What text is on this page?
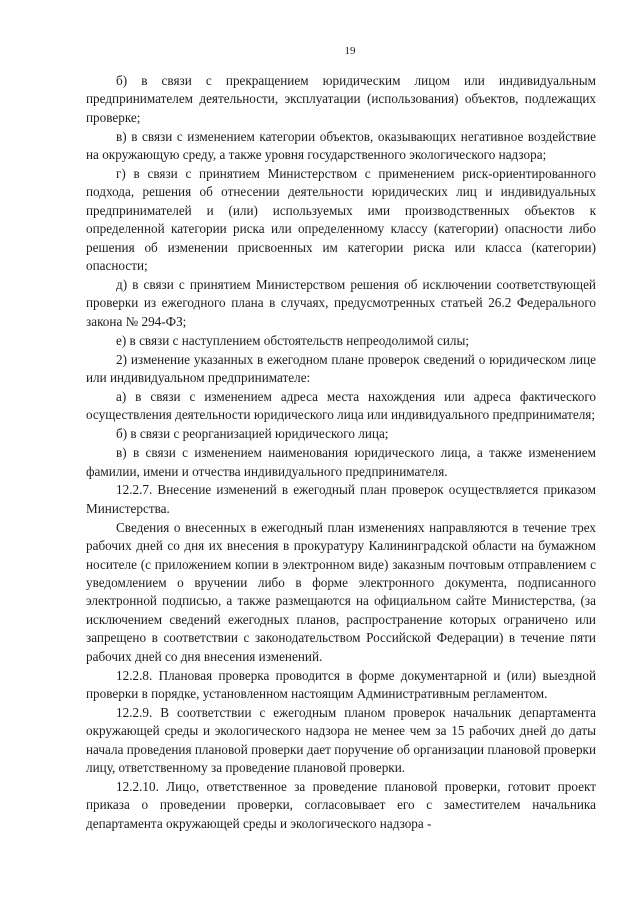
19

б) в связи с прекращением юридическим лицом или индивидуальным предпринимателем деятельности, эксплуатации (использования) объектов, подлежащих проверке;

в) в связи с изменением категории объектов, оказывающих негативное воздействие на окружающую среду, а также уровня государственного экологического надзора;

г) в связи с принятием Министерством с применением риск-ориентированного подхода, решения об отнесении деятельности юридических лиц и индивидуальных предпринимателей и (или) используемых ими производственных объектов к определенной категории риска или определенному классу (категории) опасности либо решения об изменении присвоенных им категории риска или класса (категории) опасности;

д) в связи с принятием Министерством решения об исключении соответствующей проверки из ежегодного плана в случаях, предусмотренных статьей 26.2 Федерального закона № 294-ФЗ;

е) в связи с наступлением обстоятельств непреодолимой силы;

2) изменение указанных в ежегодном плане проверок сведений о юридическом лице или индивидуальном предпринимателе:

а) в связи с изменением адреса места нахождения или адреса фактического осуществления деятельности юридического лица или индивидуального предпринимателя;

б) в связи с реорганизацией юридического лица;

в) в связи с изменением наименования юридического лица, а также изменением фамилии, имени и отчества индивидуального предпринимателя.

12.2.7. Внесение изменений в ежегодный план проверок осуществляется приказом Министерства.

Сведения о внесенных в ежегодный план изменениях направляются в течение трех рабочих дней со дня их внесения в прокуратуру Калининградской области на бумажном носителе (с приложением копии в электронном виде) заказным почтовым отправлением с уведомлением о вручении либо в форме электронного документа, подписанного электронной подписью, а также размещаются на официальном сайте Министерства, (за исключением сведений ежегодных планов, распространение которых ограничено или запрещено в соответствии с законодательством Российской Федерации) в течение пяти рабочих дней со дня внесения изменений.

12.2.8. Плановая проверка проводится в форме документарной и (или) выездной проверки в порядке, установленном настоящим Административным регламентом.

12.2.9. В соответствии с ежегодным планом проверок начальник департамента окружающей среды и экологического надзора не менее чем за 15 рабочих дней до даты начала проведения плановой проверки дает поручение об организации плановой проверки лицу, ответственному за проведение плановой проверки.

12.2.10. Лицо, ответственное за проведение плановой проверки, готовит проект приказа о проведении проверки, согласовывает его с заместителем начальника департамента окружающей среды и экологического надзора -
